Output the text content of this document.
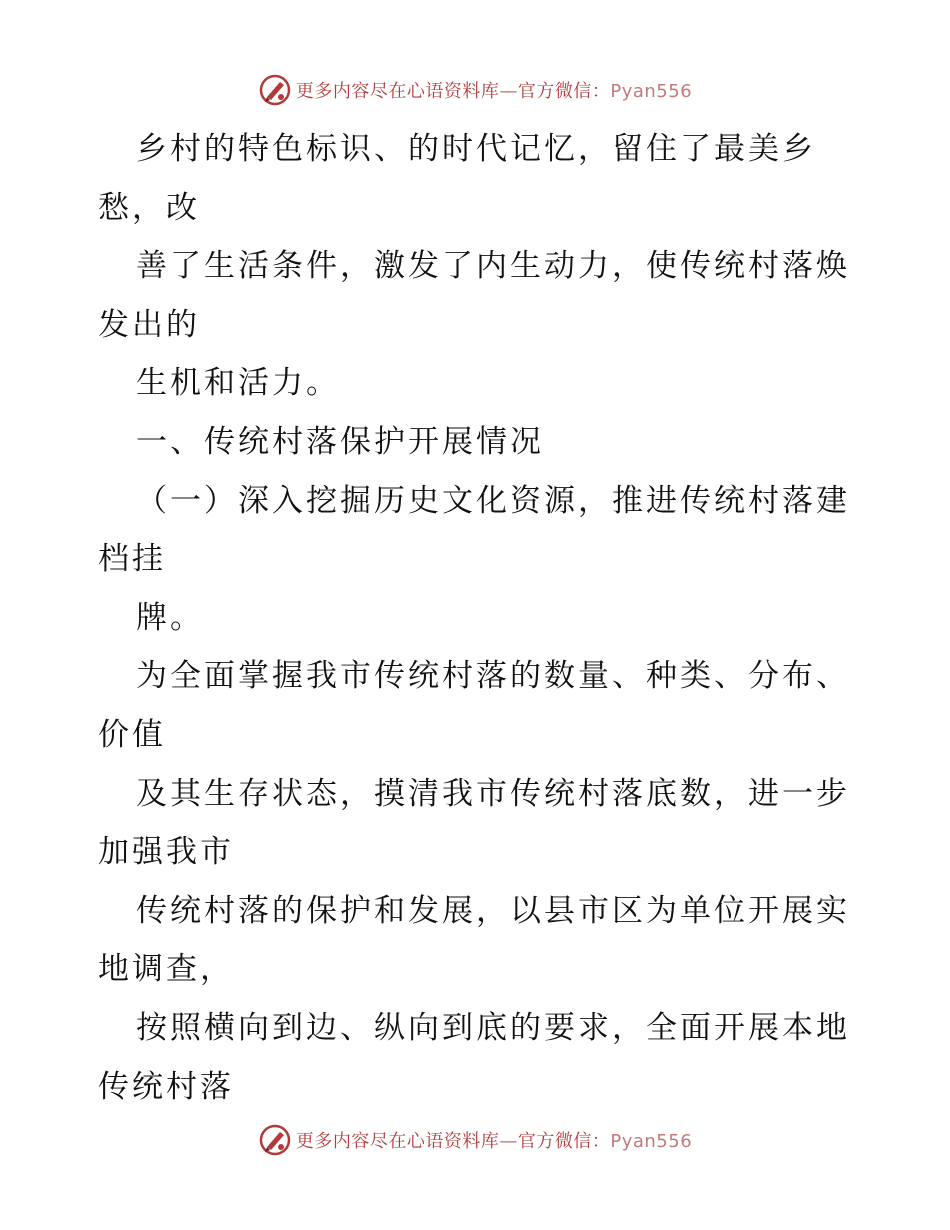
更多内容尽在心语资料库—官方微信：Pyan556
乡村的特色标识、的时代记忆，留住了最美乡
愁，改
善了生活条件，激发了内生动力，使传统村落焕
发出的
生机和活力。
一、传统村落保护开展情况
（一）深入挖掘历史文化资源，推进传统村落建
档挂
牌。
为全面掌握我市传统村落的数量、种类、分布、
价值
及其生存状态，摸清我市传统村落底数，进一步
加强我市
传统村落的保护和发展，以县市区为单位开展实
地调查，
按照横向到边、纵向到底的要求，全面开展本地
传统村落
更多内容尽在心语资料库—官方微信：Pyan556
